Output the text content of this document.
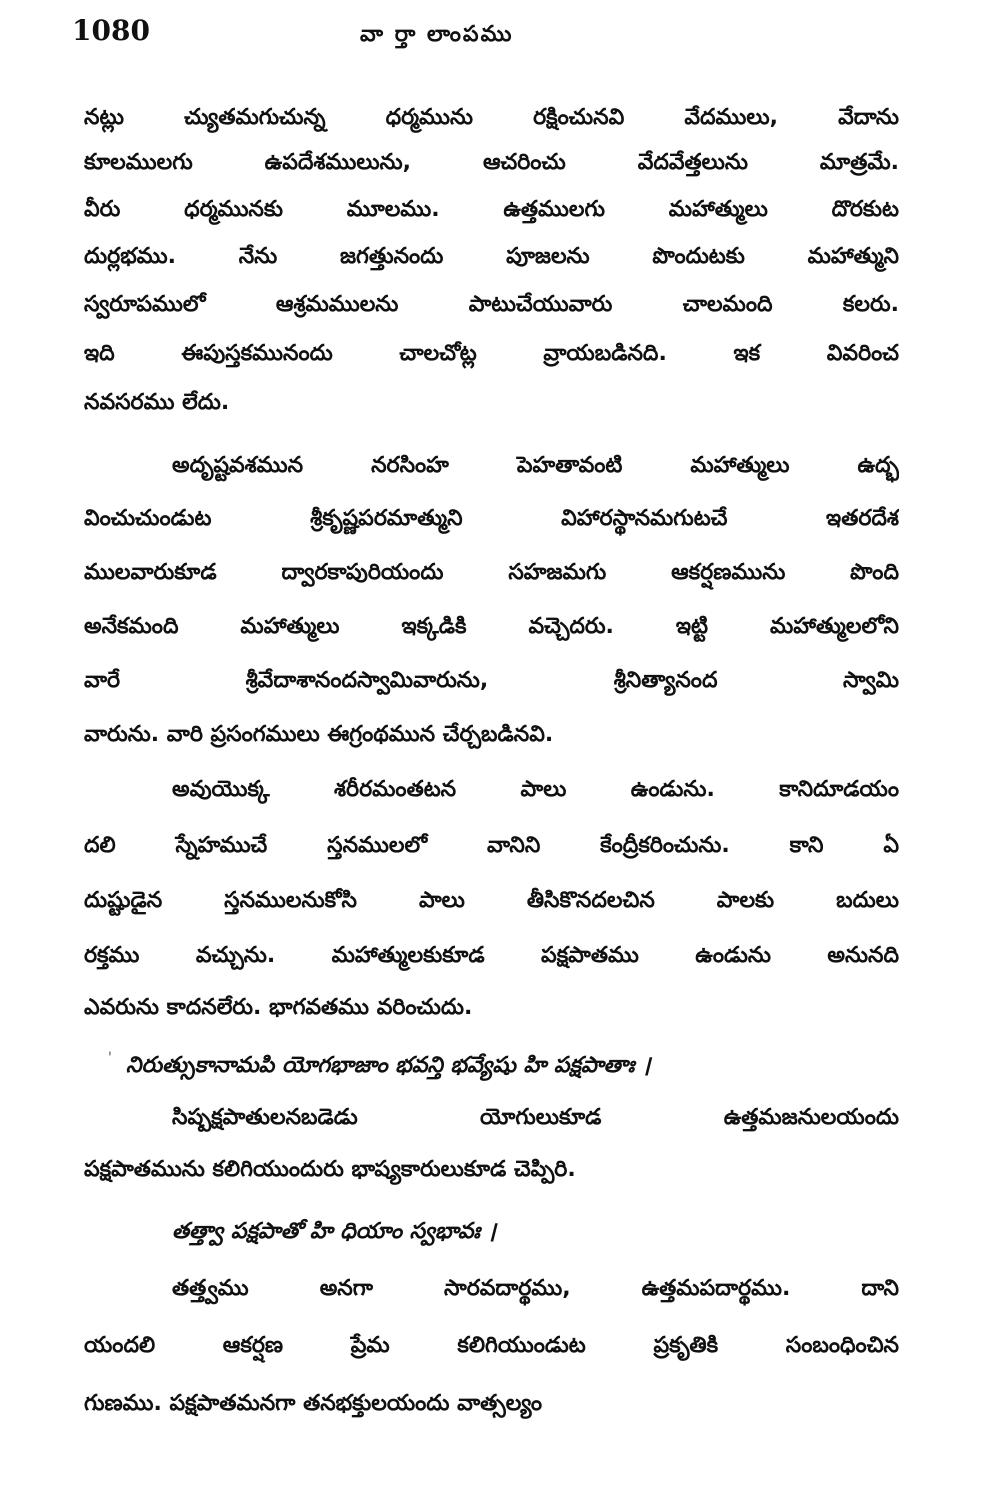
1080	వా ర్తా లాంపము
నట్లు చ్యుతమగుచున్న ధర్మమును రక్షించునవి వేదములు, వేదాను
కూలములగు ఉపదేశములును, ఆచరించు వేదవేత్తలును మాత్రమే.
వీరు ధర్మమునకు మూలము. ఉత్తములగు మహాత్ములు దొరకుట
దుర్లభము. నేను జగత్తునందు పూజలను పొందుటకు మహాత్ముని
స్వరూపములో ఆశ్రమములను పాటుచేయువారు చాలమంది కలరు.
ఇది ఈపుస్తకమునందు చాలచోట్ల వ్రాయబడినది. ఇక వివరించ
నవసరము లేదు.
అదృష్టవశమున నరసింహ పెహతావంటి మహాత్ములు ఉద్భ
వించుచుండుట శ్రీకృష్ణపరమాత్ముని విహారస్థానమగుటచే ఇతరదేశ
ములవారుకూడ ద్వారకాపురియందు సహజమగు ఆకర్షణమును పొంది
అనేకమంది మహాత్ములు ఇక్కడికి వచ్చెదరు. ఇట్టి మహాత్ములలోని
వారే శ్రీవేదాశానందస్వామివారును, శ్రీనిత్యానంద స్వామి
వారును. వారి ప్రసంగములు ఈగ్రంథమున చేర్చబడినవి.
అవుయొక్క శరీరమంతటన పాలు ఉండును. కానిదూడయం
దలి స్నేహముచే స్తనములలో వానిని కేంద్రీకరించును. కాని ఏ
దుష్టుడైన స్తనములనుకోసి పాలు తీసికొనదలచిన పాలకు బదులు
రక్తము వచ్చును. మహాత్ములకుకూడ పక్షపాతము ఉండును అనునది
ఎవరును కాదనలేరు. భాగవతము వరించుదు.
' నిరుత్సుకానామపి యోగభాజాం భవన్తి భవ్యేషు హి పక్షపాతాః ।
సిష్పక్షపాతులనబడెడు యోగులుకూడ ఉత్తమజనులయందు
పక్షపాతమును కలిగియుందురు భాష్యకారులుకూడ చెప్పిరి.
తత్త్వా పక్షపాతో హి ధియాం స్వభావః ।
తత్త్వము అనగా సారవదార్థము, ఉత్తమపదార్థము. దాని
యందలి ఆకర్షణ ప్రేమ కలిగియుండుట ప్రకృతికి సంబంధించిన
గుణము. పక్షపాతమనగా తనభక్తులయందు వాత్సల్యం
